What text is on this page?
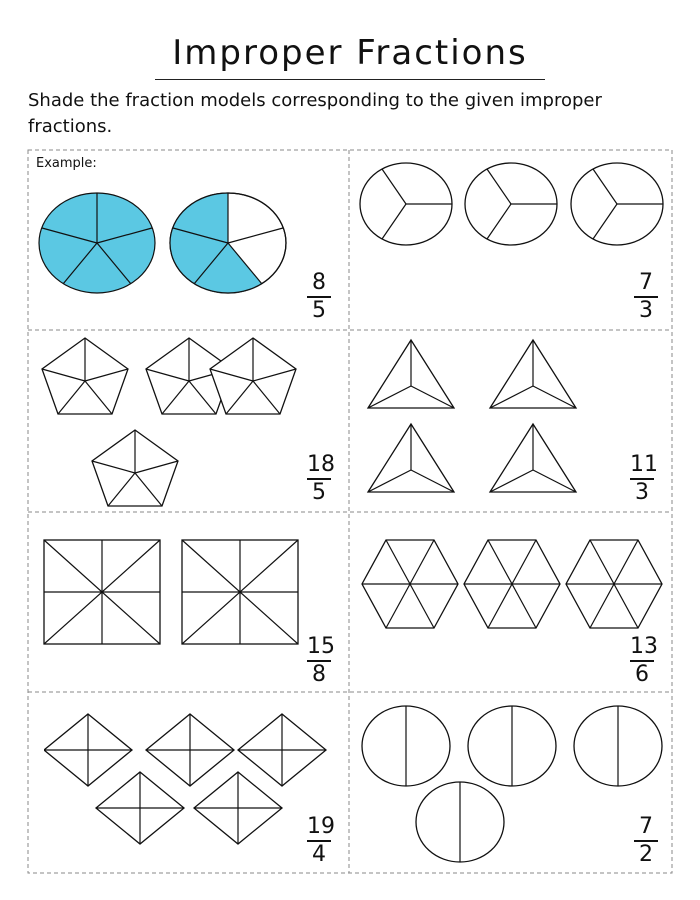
Improper Fractions

Shade the fraction models corresponding to the given improper fractions.

Example:
$\frac{8}{5}$	$\frac{7}{3}$
$\frac{18}{5}$	$\frac{11}{3}$
$\frac{15}{8}$	$\frac{13}{6}$
$\frac{19}{4}$	$\frac{7}{2}$
